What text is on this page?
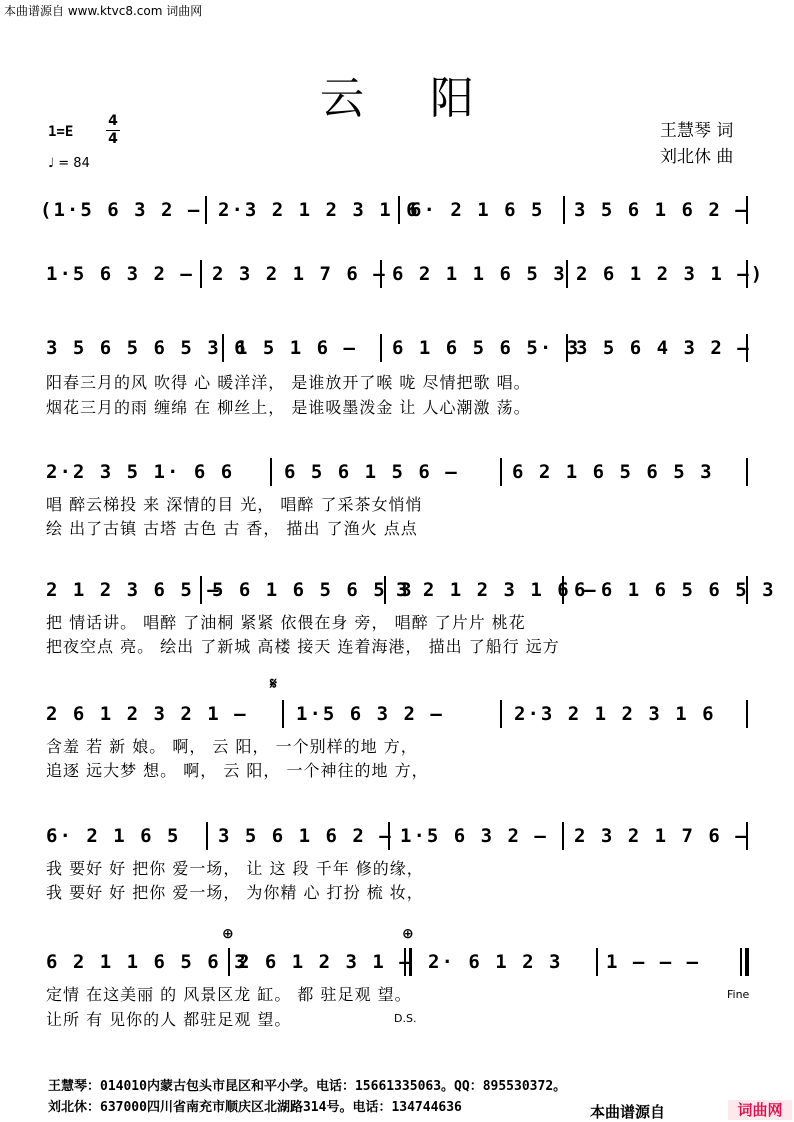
本曲谱源自 www.ktvc8.com 词曲网
云 阳
1=E
4
4
♩ = 84
王慧琴 词
刘北休 曲
(1·5 6 3 2 – 2·3 2 1 2 3 1 6
6· 2 1 6 5 3 5 6 1 6 2 –
1·5 6 3 2 – 2 3 2 1 7 6 – 6 2 1 1 6 5 3 2 6 1 2 3 1 –)
3 5 6 5 6 5 3 6
1 5 1 6 – 6 1 6 5 6 5· 3
3 5 6 4 3 2 –
阳春三月的风 吹得 心 暖洋洋， 是谁放开了喉 咙 尽情把歌 唱。
烟花三月的雨 缠绵 在 柳丝上， 是谁吸墨泼金 让 人心潮激 荡。
2·2 3 5 1· 6 6	6 5 6 1 5 6 –	6 2 1 6 5 6 5 3
唱 醉云梯投 来 深情的目 光， 唱醉 了采茶女悄悄
绘 出了古镇 古塔 古色 古 香， 描出 了渔火 点点
2 1 2 3 6 5 –
5 6 1 6 5 6 5 3
3 2 1 2 3 1 6 –
6 6 1 6 5 6 5 3
把 情话讲。 唱醉 了油桐 紧紧 依偎在身 旁， 唱醉 了片片 桃花
把夜空点 亮。 绘出 了新城 高楼 接天 连着海港， 描出 了船行 远方
𝄋
2 6 1 2 3 2 1 –	1·5 6 3 2 –	2·3 2 1 2 3 1 6
含羞 若 新 娘。 啊， 云 阳， 一个别样的地 方，
追逐 远大梦 想。 啊， 云 阳， 一个神往的地 方，
6· 2 1 6 5 3 5 6 1 6 2 – 1·5 6 3 2 – 2 3 2 1 7 6 –
我 要好 好 把你 爱一场， 让 这 段 千年 修的缘，
我 要好 好 把你 爱一场， 为你精 心 打扮 梳 妆，
⊕	⊕
6 2 1 1 6 5 6 3
2 6 1 2 3 1 – 2· 6 1 2 3 1 – – –
Fine
定情 在这美丽 的 风景区龙 缸。 都 驻足观 望。
让所 有 见你的人 都驻足观 望。	D.S.
王慧琴：014010内蒙古包头市昆区和平小学。电话：15661335063。QQ：895530372。
刘北休：637000四川省南充市顺庆区北湖路314号。电话：134744636	本曲谱源自	词曲网
